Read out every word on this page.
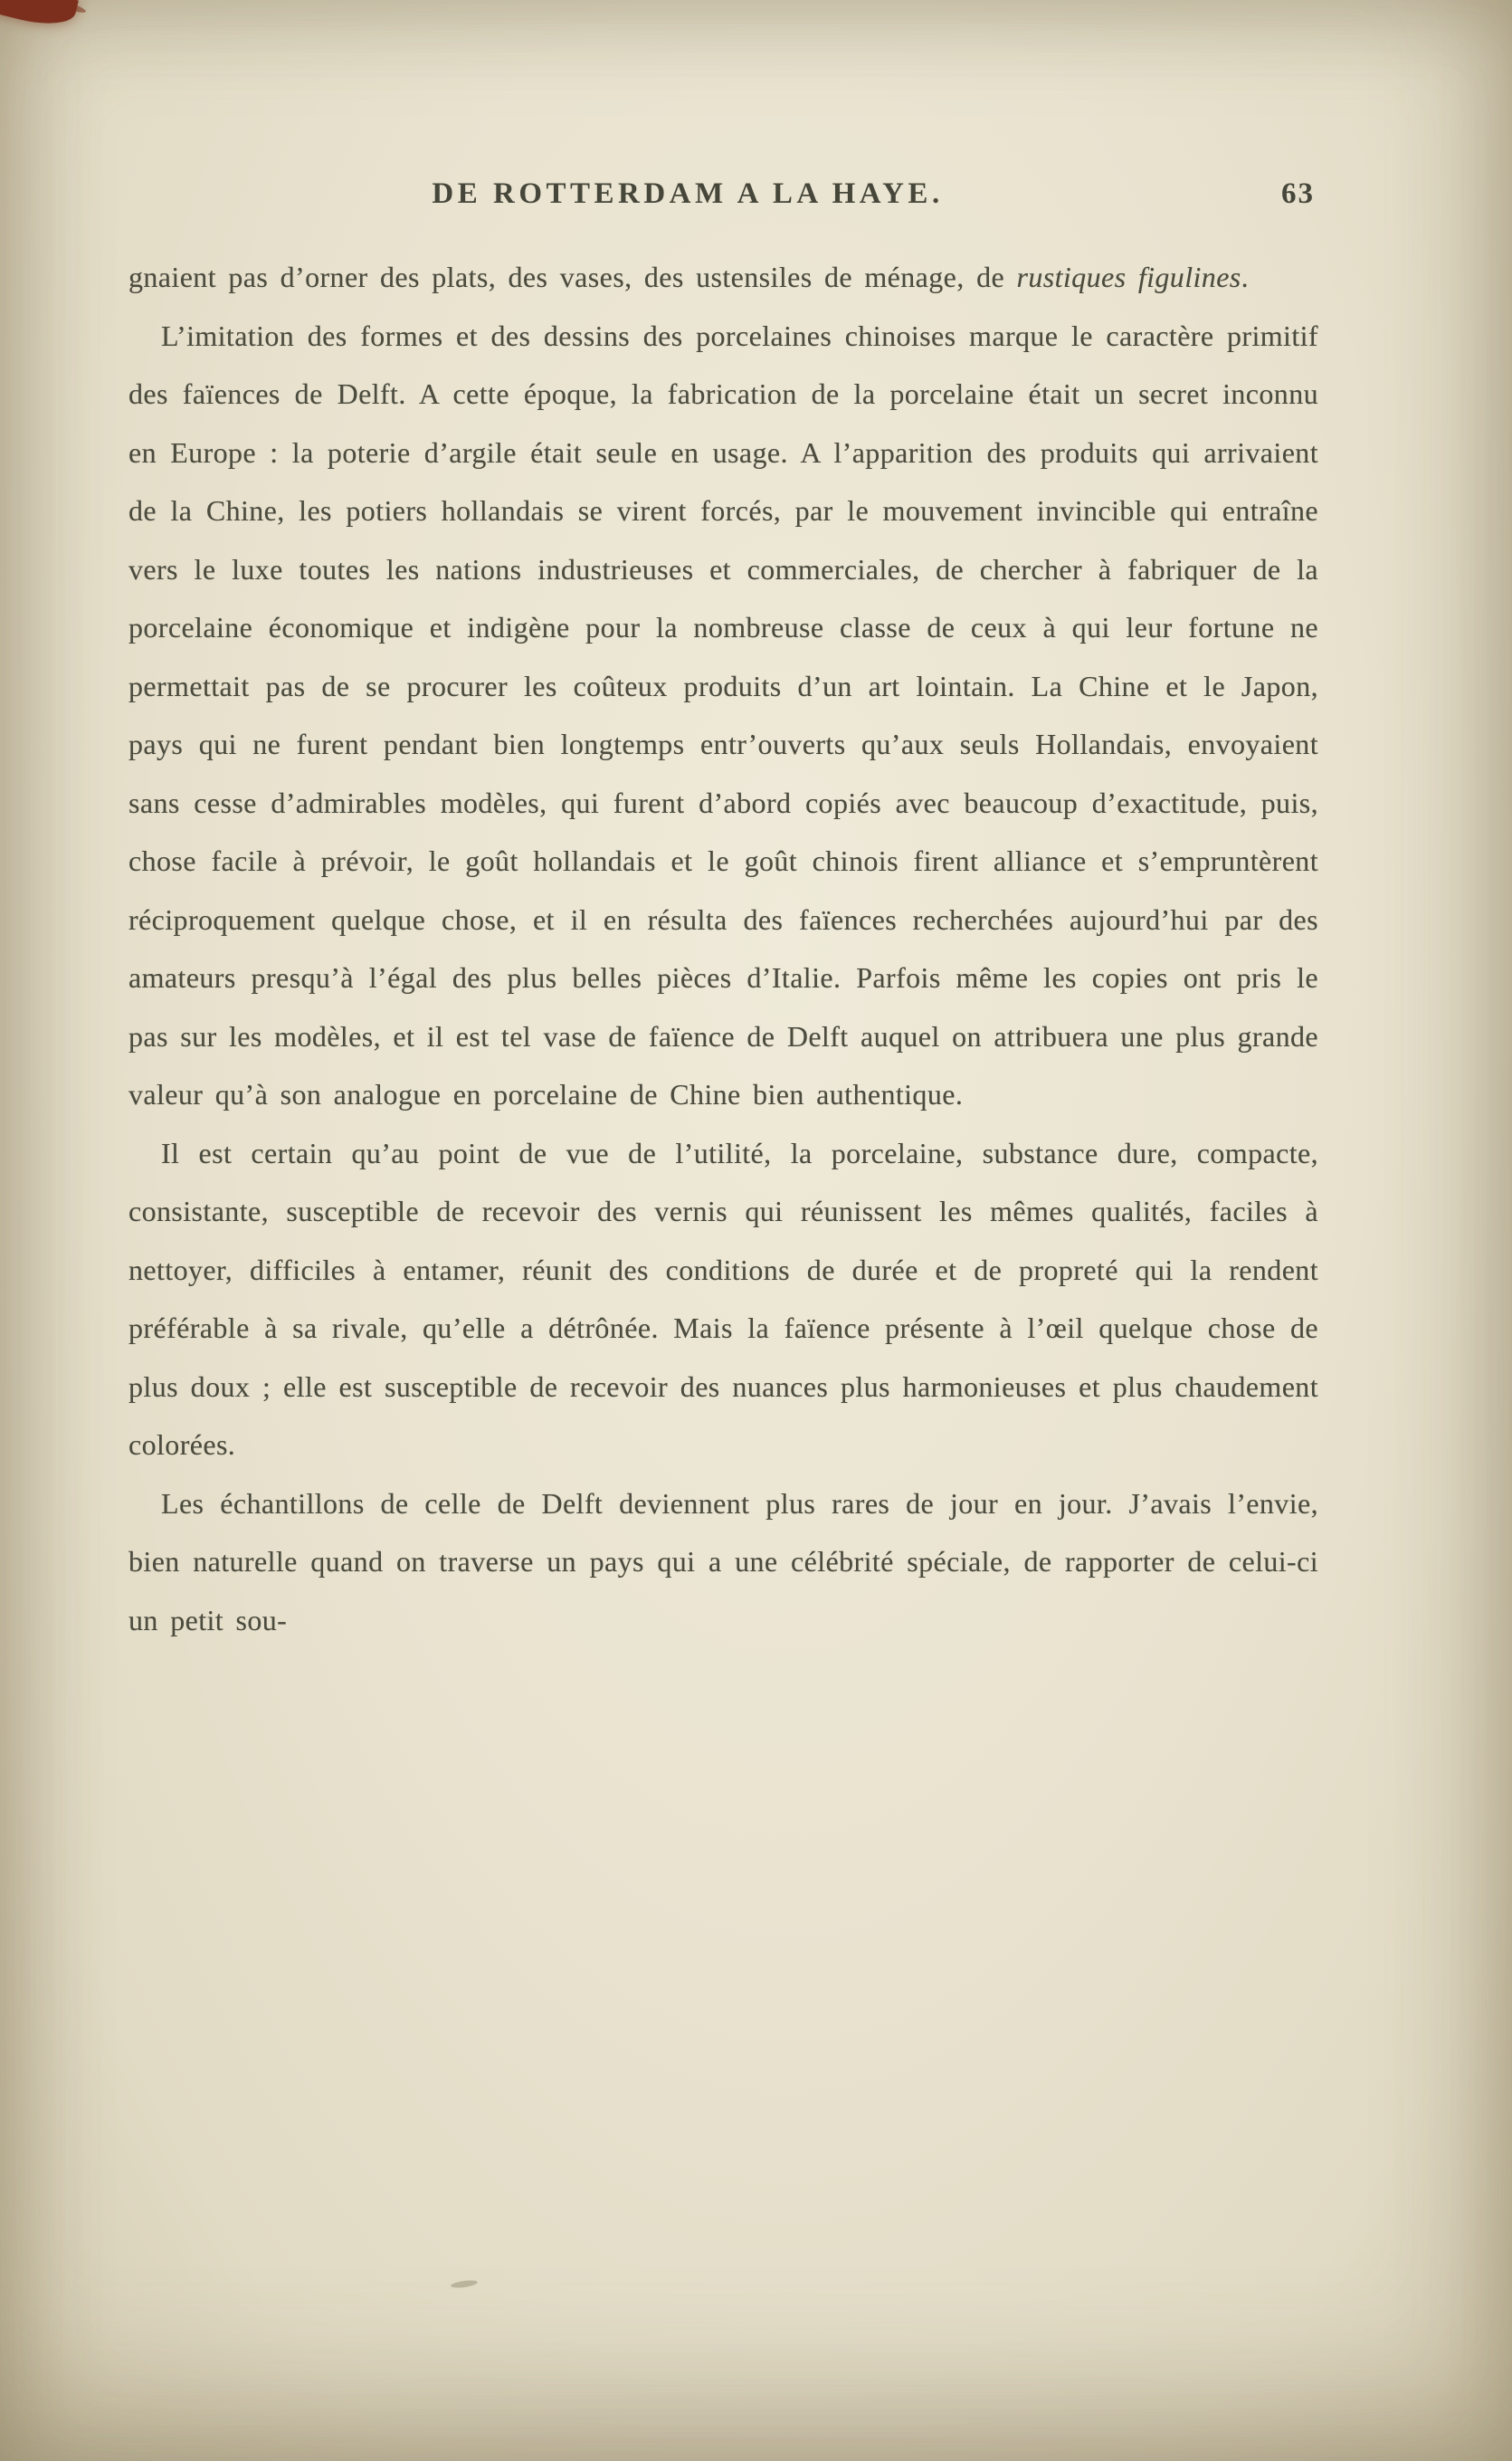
DE ROTTERDAM A LA HAYE.	63

gnaient pas d’orner des plats, des vases, des ustensiles de ménage, de rustiques figulines.

L’imitation des formes et des dessins des porcelaines chinoises marque le caractère primitif des faïences de Delft. A cette époque, la fabrication de la porcelaine était un secret inconnu en Europe : la poterie d’argile était seule en usage. A l’apparition des produits qui arrivaient de la Chine, les potiers hollandais se virent forcés, par le mouvement invincible qui entraîne vers le luxe toutes les nations industrieuses et commerciales, de chercher à fabriquer de la porcelaine économique et indigène pour la nombreuse classe de ceux à qui leur fortune ne permettait pas de se procurer les coûteux produits d’un art lointain. La Chine et le Japon, pays qui ne furent pendant bien longtemps entr’ouverts qu’aux seuls Hollandais, envoyaient sans cesse d’admirables modèles, qui furent d’abord copiés avec beaucoup d’exactitude, puis, chose facile à prévoir, le goût hollandais et le goût chinois firent alliance et s’empruntèrent réciproquement quelque chose, et il en résulta des faïences recherchées aujourd’hui par des amateurs presqu’à l’égal des plus belles pièces d’Italie. Parfois même les copies ont pris le pas sur les modèles, et il est tel vase de faïence de Delft auquel on attribuera une plus grande valeur qu’à son analogue en porcelaine de Chine bien authentique.

Il est certain qu’au point de vue de l’utilité, la porcelaine, substance dure, compacte, consistante, susceptible de recevoir des vernis qui réunissent les mêmes qualités, faciles à nettoyer, difficiles à entamer, réunit des conditions de durée et de propreté qui la rendent préférable à sa rivale, qu’elle a détrônée. Mais la faïence présente à l’œil quelque chose de plus doux ; elle est susceptible de recevoir des nuances plus harmonieuses et plus chaudement colorées.

Les échantillons de celle de Delft deviennent plus rares de jour en jour. J’avais l’envie, bien naturelle quand on traverse un pays qui a une célébrité spéciale, de rapporter de celui-ci un petit sou-
